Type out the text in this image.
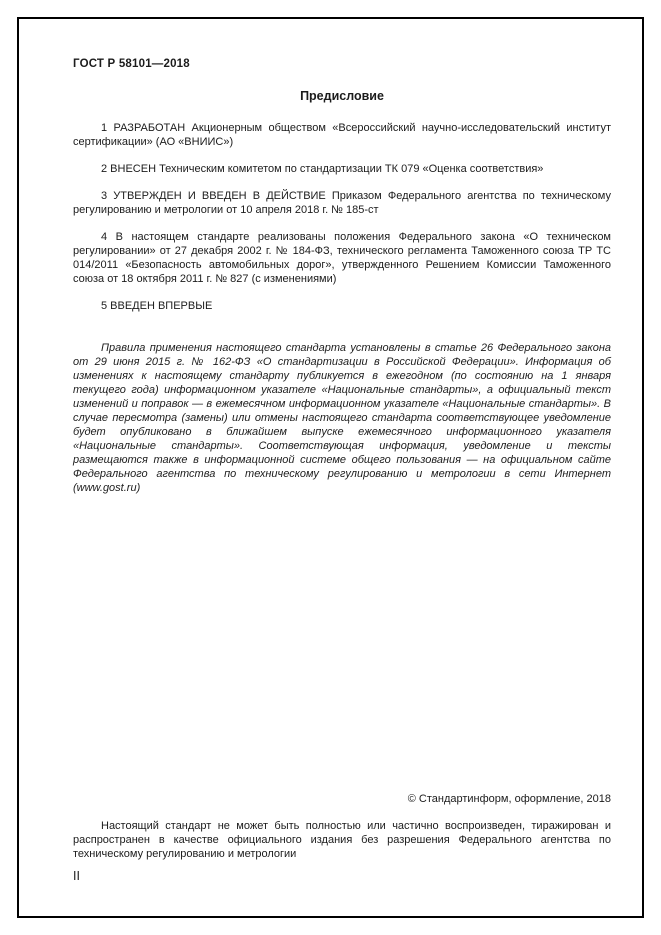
ГОСТ Р 58101—2018
Предисловие

1 РАЗРАБОТАН Акционерным обществом «Всероссийский научно-исследовательский институт сертификации» (АО «ВНИИС»)

2 ВНЕСЕН Техническим комитетом по стандартизации ТК 079 «Оценка соответствия»

3 УТВЕРЖДЕН И ВВЕДЕН В ДЕЙСТВИЕ Приказом Федерального агентства по техническому регулированию и метрологии от 10 апреля 2018 г. № 185-ст

4 В настоящем стандарте реализованы положения Федерального закона «О техническом регулировании» от 27 декабря 2002 г. № 184-ФЗ, технического регламента Таможенного союза ТР ТС 014/2011 «Безопасность автомобильных дорог», утвержденного Решением Комиссии Таможенного союза от 18 октября 2011 г. № 827 (с изменениями)

5 ВВЕДЕН ВПЕРВЫЕ

Правила применения настоящего стандарта установлены в статье 26 Федерального закона от 29 июня 2015 г. № 162-ФЗ «О стандартизации в Российской Федерации». Информация об изменениях к настоящему стандарту публикуется в ежегодном (по состоянию на 1 января текущего года) информационном указателе «Национальные стандарты», а официальный текст изменений и поправок — в ежемесячном информационном указателе «Национальные стандарты». В случае пересмотра (замены) или отмены настоящего стандарта соответствующее уведомление будет опубликовано в ближайшем выпуске ежемесячного информационного указателя «Национальные стандарты». Соответствующая информация, уведомление и тексты размещаются также в информационной системе общего пользования — на официальном сайте Федерального агентства по техническому регулированию и метрологии в сети Интернет (www.gost.ru)

© Стандартинформ, оформление, 2018

Настоящий стандарт не может быть полностью или частично воспроизведен, тиражирован и распространен в качестве официального издания без разрешения Федерального агентства по техническому регулированию и метрологии

II
